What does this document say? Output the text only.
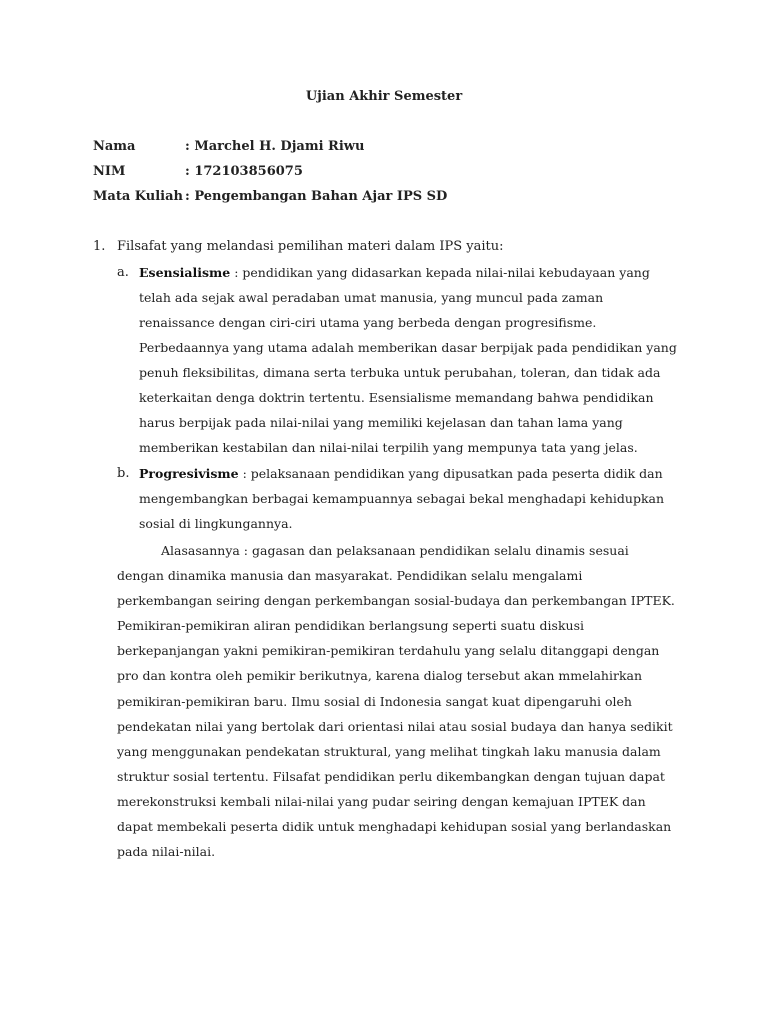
Ujian Akhir Semester
Nama	: Marchel H. Djami Riwu
NIM	: 172103856075
Mata Kuliah : Pengembangan Bahan Ajar IPS SD
1. Filsafat yang melandasi pemilihan materi dalam IPS yaitu:
a. Esensialisme : pendidikan yang didasarkan kepada nilai-nilai kebudayaan yang telah ada sejak awal peradaban umat manusia, yang muncul pada zaman renaissance dengan ciri-ciri utama yang berbeda dengan progresifisme. Perbedaannya yang utama adalah memberikan dasar berpijak pada pendidikan yang penuh fleksibilitas, dimana serta terbuka untuk perubahan, toleran, dan tidak ada keterkaitan denga doktrin tertentu. Esensialisme memandang bahwa pendidikan harus berpijak pada nilai-nilai yang memiliki kejelasan dan tahan lama yang memberikan kestabilan dan nilai-nilai terpilih yang mempunya tata yang jelas.

b. Progresivisme : pelaksanaan pendidikan yang dipusatkan pada peserta didik dan mengembangkan berbagai kemampuannya sebagai bekal menghadapi kehidupkan sosial di lingkungannya.

Alasasannya : gagasan dan pelaksanaan pendidikan selalu dinamis sesuai dengan dinamika manusia dan masyarakat. Pendidikan selalu mengalami perkembangan seiring dengan perkembangan sosial-budaya dan perkembangan IPTEK. Pemikiran-pemikiran aliran pendidikan berlangsung seperti suatu diskusi berkepanjangan yakni pemikiran-pemikiran terdahulu yang selalu ditanggapi dengan pro dan kontra oleh pemikir berikutnya, karena dialog tersebut akan mmelahirkan pemikiran-pemikiran baru. Ilmu sosial di Indonesia sangat kuat dipengaruhi oleh pendekatan nilai yang bertolak dari orientasi nilai atau sosial budaya dan hanya sedikit yang menggunakan pendekatan struktural, yang melihat tingkah laku manusia dalam struktur sosial tertentu. Filsafat pendidikan perlu dikembangkan dengan tujuan dapat merekonstruksi kembali nilai-nilai yang pudar seiring dengan kemajuan IPTEK dan dapat membekali peserta didik untuk menghadapi kehidupan sosial yang berlandaskan pada nilai-nilai.
